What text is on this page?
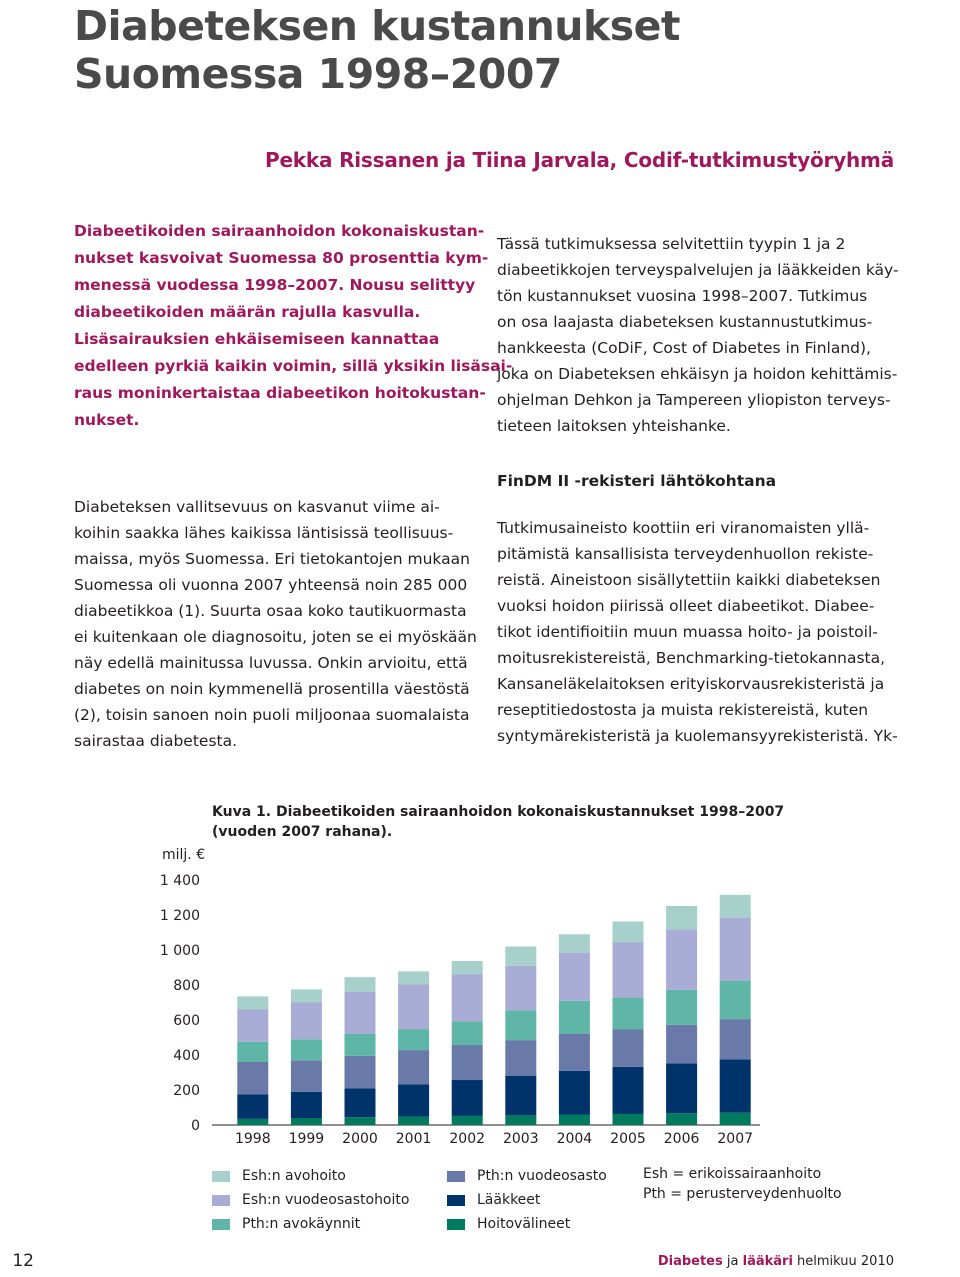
Diabeteksen kustannukset
Suomessa 1998–2007

Pekka Rissanen ja Tiina Jarvala, Codif-tutkimustyöryhmä

Diabeetikoiden sairaanhoidon kokonaiskustan-
nukset kasvoivat Suomessa 80 prosenttia kym-
menessä vuodessa 1998–2007. Nousu selittyy
diabeetikoiden määrän rajulla kasvulla.
Lisäsairauksien ehkäisemiseen kannattaa
edelleen pyrkiä kaikin voimin, sillä yksikin lisäsai-
raus moninkertaistaa diabeetikon hoitokustan-
nukset.
Diabeteksen vallitsevuus on kasvanut viime ai-
koihin saakka lähes kaikissa läntisissä teollisuus-
maissa, myös Suomessa. Eri tietokantojen mukaan
Suomessa oli vuonna 2007 yhteensä noin 285 000
diabeetikkoa (1). Suurta osaa koko tautikuormasta
ei kuitenkaan ole diagnosoitu, joten se ei myöskään
näy edellä mainitussa luvussa. Onkin arvioitu, että
diabetes on noin kymmenellä prosentilla väestöstä
(2), toisin sanoen noin puoli miljoonaa suomalaista
sairastaa diabetesta.
Tässä tutkimuksessa selvitettiin tyypin 1 ja 2
diabeetikkojen terveyspalvelujen ja lääkkeiden käy-
tön kustannukset vuosina 1998–2007. Tutkimus
on osa laajasta diabeteksen kustannustutkimus-
hankkeesta (CoDiF, Cost of Diabetes in Finland),
joka on Diabeteksen ehkäisyn ja hoidon kehittämis-
ohjelman Dehkon ja Tampereen yliopiston terveys-
tieteen laitoksen yhteishanke.
FinDM II -rekisteri lähtökohtana
Tutkimusaineisto koottiin eri viranomaisten yllä-
pitämistä kansallisista terveydenhuollon rekiste-
reistä. Aineistoon sisällytettiin kaikki diabeteksen
vuoksi hoidon piirissä olleet diabeetikot. Diabee-
tikot identifioitiin muun muassa hoito- ja poistoil-
moitusrekistereistä, Benchmarking-tietokannasta,
Kansaneläkelaitoksen erityiskorvausrekisteristä ja
reseptitiedostosta ja muista rekistereistä, kuten
syntymärekisteristä ja kuolemansyyrekisteristä. Yk-
Kuva 1. Diabeetikoiden sairaanhoidon kokonaiskustannukset 1998–2007
(vuoden 2007 rahana).
milj. €
0
200
400
600
800
1 000
1 200
1 400
1998 1999 2000 2001 2002 2003 2004 2005 2006 2007
Esh:n avohoito
Esh:n vuodeosastohoito
Pth:n avokäynnit
Pth:n vuodeosasto
Lääkkeet
Hoitovälineet
Esh = erikoissairaanhoito
Pth = perusterveydenhuolto

12	Diabetes ja lääkäri helmikuu 2010
